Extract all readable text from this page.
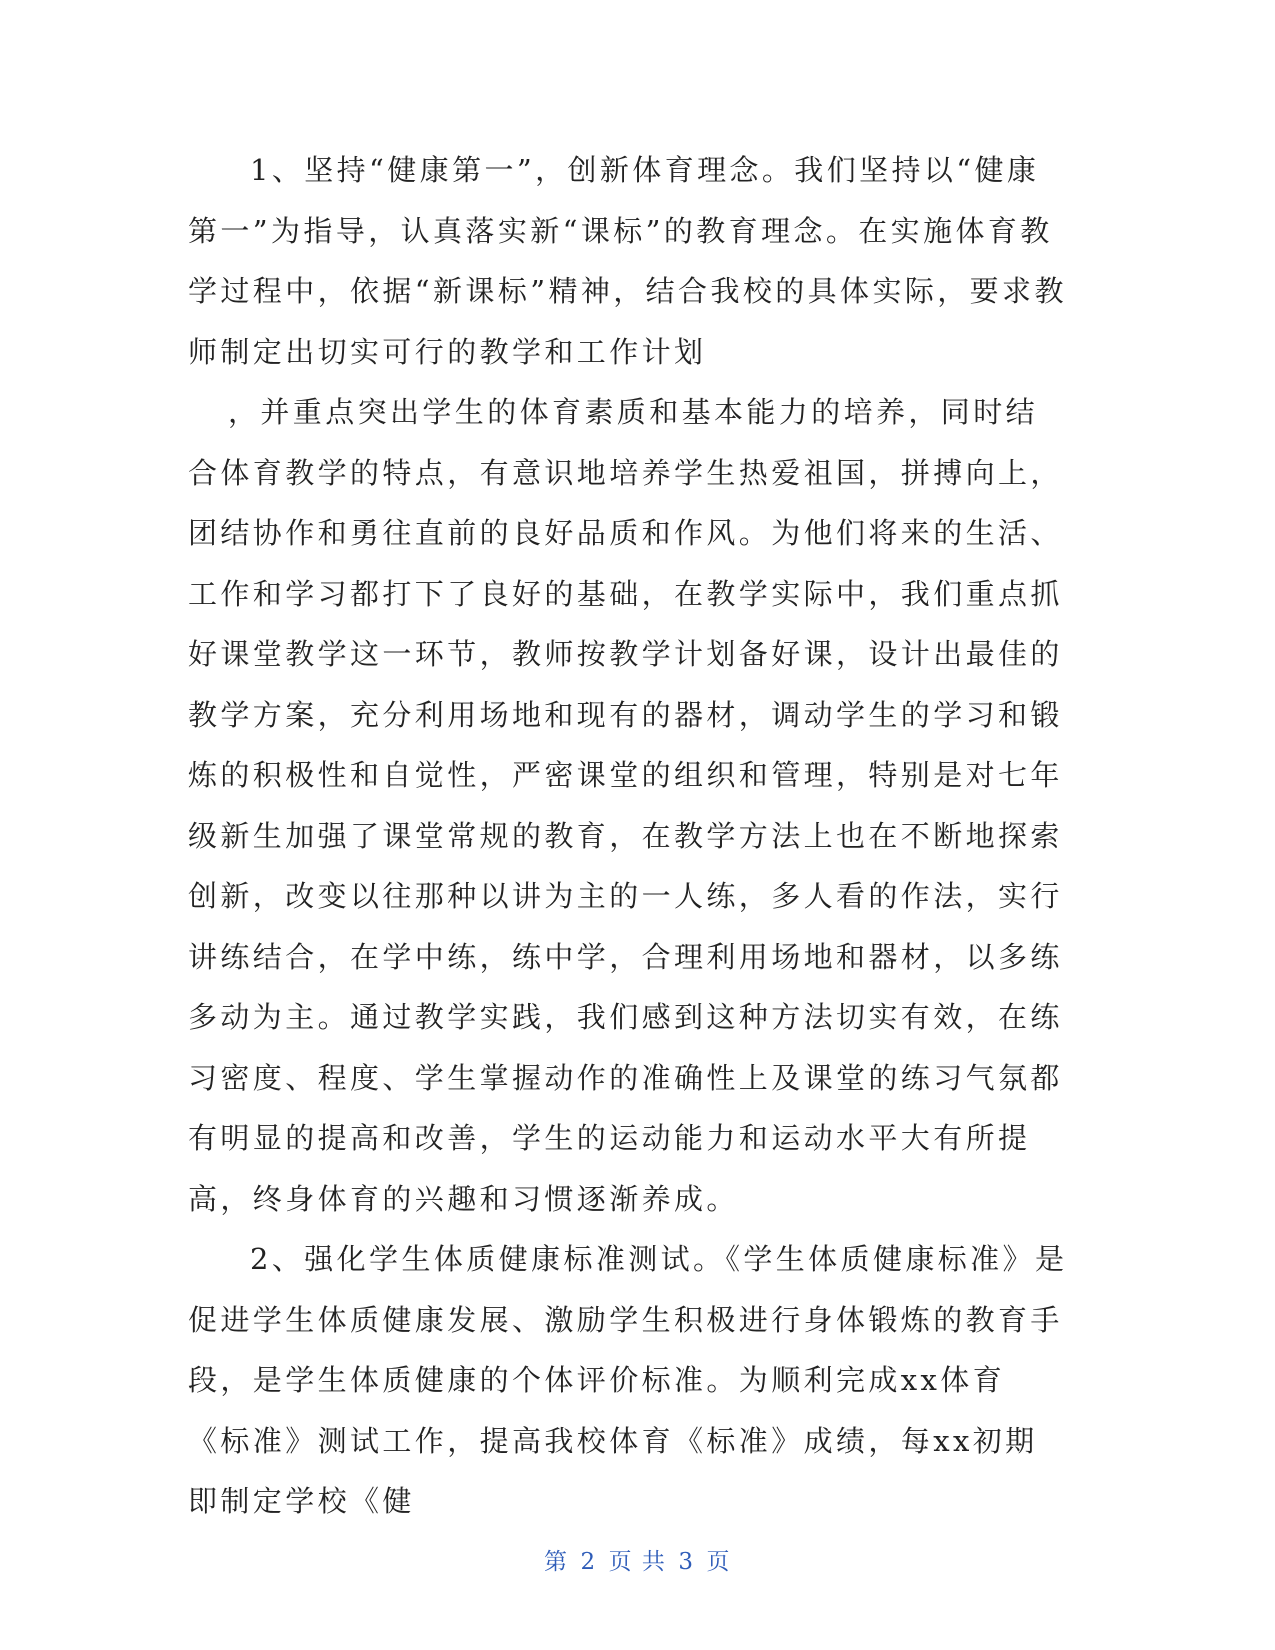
1、坚持“健康第一”，创新体育理念。我们坚持以“健康第一”为指导，认真落实新“课标”的教育理念。在实施体育教学过程中，依据“新课标”精神，结合我校的具体实际，要求教师制定出切实可行的教学和工作计划

，并重点突出学生的体育素质和基本能力的培养，同时结合体育教学的特点，有意识地培养学生热爱祖国，拼搏向上，团结协作和勇往直前的良好品质和作风。为他们将来的生活、工作和学习都打下了良好的基础，在教学实际中，我们重点抓好课堂教学这一环节，教师按教学计划备好课，设计出最佳的教学方案，充分利用场地和现有的器材，调动学生的学习和锻炼的积极性和自觉性，严密课堂的组织和管理，特别是对七年级新生加强了课堂常规的教育，在教学方法上也在不断地探索创新，改变以往那种以讲为主的一人练，多人看的作法，实行讲练结合，在学中练，练中学，合理利用场地和器材，以多练多动为主。通过教学实践，我们感到这种方法切实有效，在练习密度、程度、学生掌握动作的准确性上及课堂的练习气氛都有明显的提高和改善，学生的运动能力和运动水平大有所提高，终身体育的兴趣和习惯逐渐养成。

2、强化学生体质健康标准测试。《学生体质健康标准》是促进学生体质健康发展、激励学生积极进行身体锻炼的教育手段，是学生体质健康的个体评价标准。为顺利完成xx体育《标准》测试工作，提高我校体育《标准》成绩，每xx初期即制定学校《健

第 2 页 共 3 页
